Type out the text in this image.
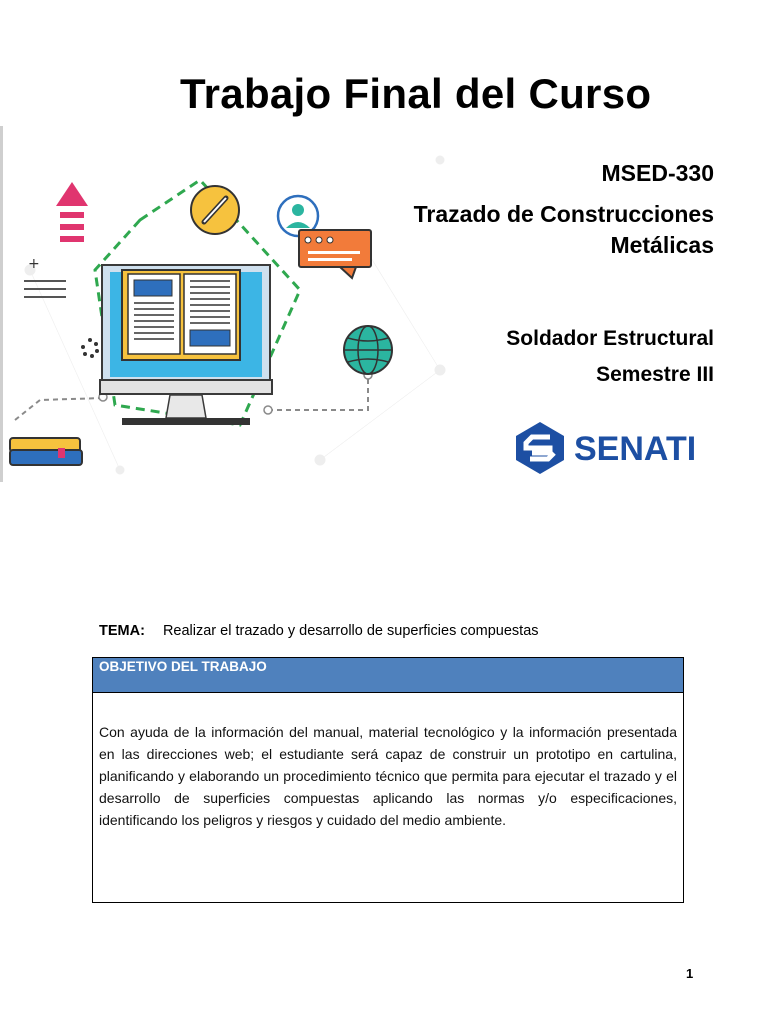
Trabajo Final del Curso
+

MSED-330

Trazado de Construcciones
Metálicas

Soldador Estructural

Semestre III

SENATI
TEMA: Realizar el trazado y desarrollo de superficies compuestas
OBJETIVO DEL TRABAJO
Con ayuda de la información del manual, material tecnológico y la información presentada en las direcciones web; el estudiante será capaz de construir un prototipo en cartulina, planificando y elaborando un procedimiento técnico que permita para ejecutar el trazado y el desarrollo de superficies compuestas aplicando las normas y/o especificaciones, identificando los peligros y riesgos y cuidado del medio ambiente.
1
